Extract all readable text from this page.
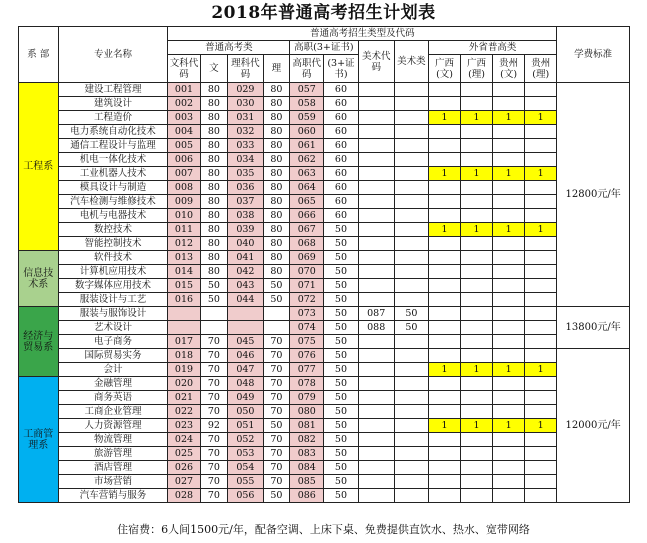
2018年普通高考招生计划表
系 部	专业名称	普通高考招生类型及代码												学费标准
		普通高考类				高职(3+证书)		美术代码	美术类	外省普高类				
		文科代码	文	理科代码	理	高职代码	(3+证书)			广西(文)	广西(理)	贵州(文)	贵州(理)	
工程系	建设工程管理	001	80	029	80	057	60							12800元/年
	建筑设计	002	80	030	80	058	60							
	工程造价	003	80	031	80	059	60			1	1	1	1	
	电力系统自动化技术	004	80	032	80	060	60							
	通信工程设计与监理	005	80	033	80	061	60							
	机电一体化技术	006	80	034	80	062	60							
	工业机器人技术	007	80	035	80	063	60			1	1	1	1	
	模具设计与制造	008	80	036	80	064	60							
	汽车检测与维修技术	009	80	037	80	065	60							
	电机与电器技术	010	80	038	80	066	60							
	数控技术	011	80	039	80	067	50			1	1	1	1	
	智能控制技术	012	80	040	80	068	50							
信息技术系	软件技术	013	80	041	80	069	50							
	计算机应用技术	014	80	042	80	070	50							
	数字媒体应用技术	015	50	043	50	071	50							
	服装设计与工艺	016	50	044	50	072	50							
经济与贸易系	服装与服饰设计					073	50	087	50					13800元/年
	艺术设计					074	50	088	50					
	电子商务	017	70	045	70	075	50							
	国际贸易实务	018	70	046	70	076	50							12000元/年
	会计	019	70	047	70	077	50			1	1	1	1	
工商管理系	金融管理	020	70	048	70	078	50							
	商务英语	021	70	049	70	079	50							
	工商企业管理	022	70	050	70	080	50							
	人力资源管理	023	92	051	50	081	50			1	1	1	1	
	物流管理	024	70	052	70	082	50							
	旅游管理	025	70	053	70	083	50							
	酒店管理	026	70	054	70	084	50							
	市场营销	027	70	055	70	085	50							
	汽车营销与服务	028	70	056	50	086	50							
住宿费：6人间1500元/年，配备空调、上床下桌、免费提供直饮水、热水、宽带网络
